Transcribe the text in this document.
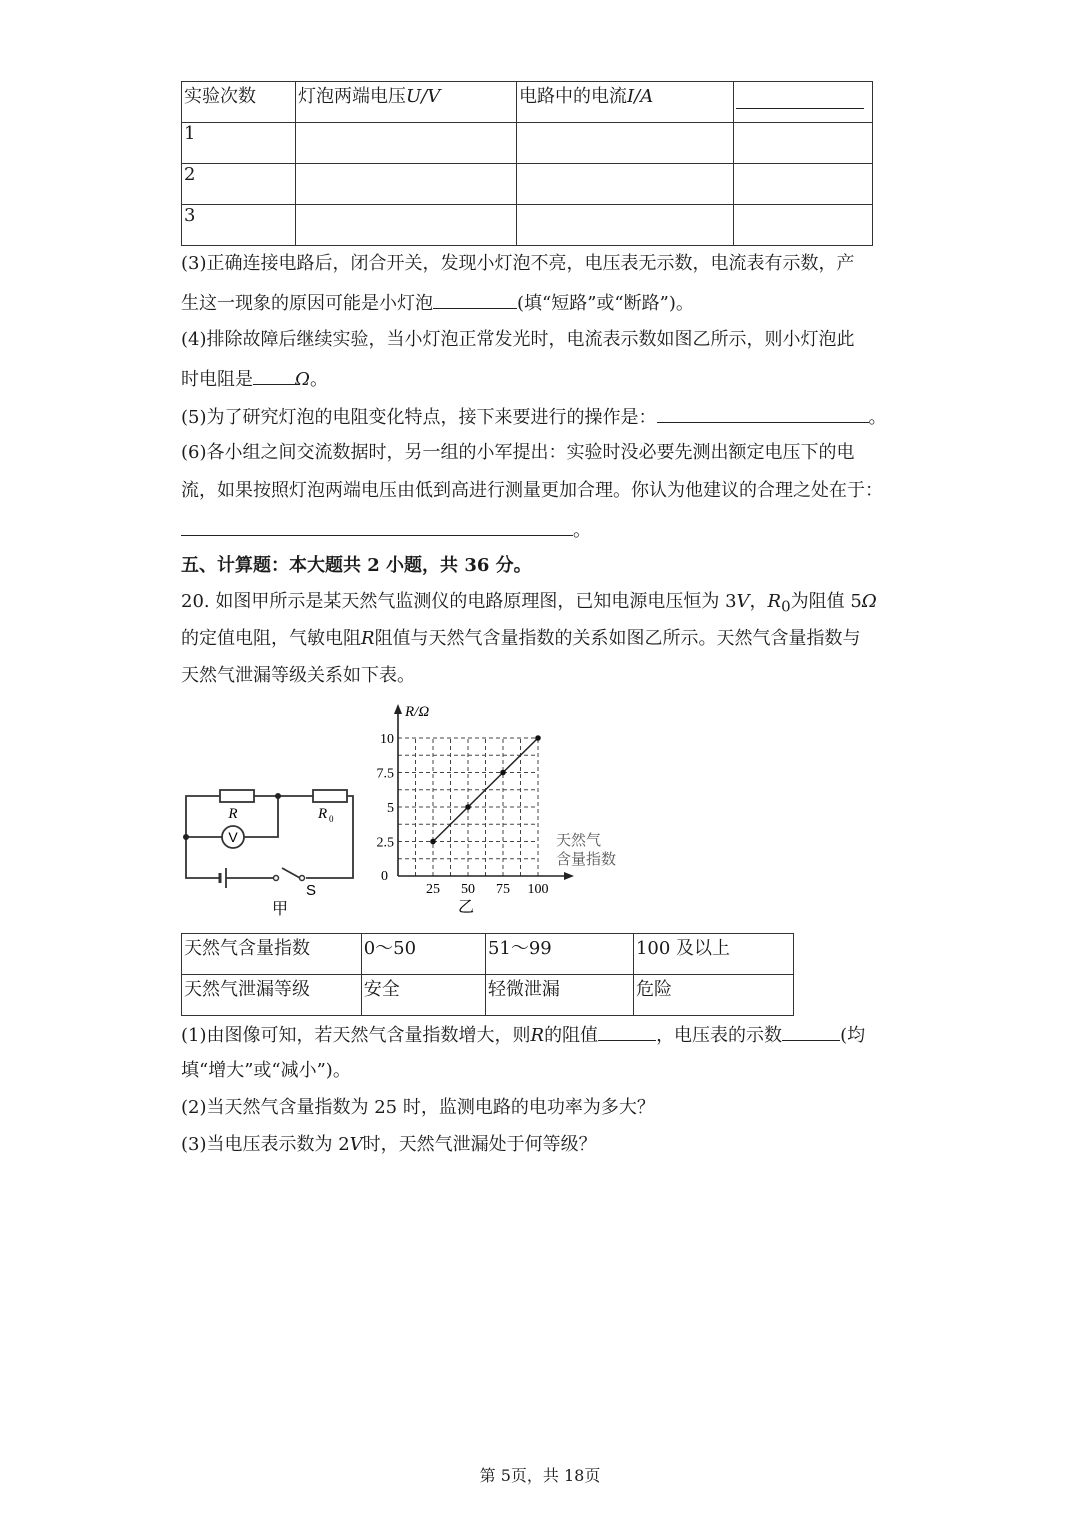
实验次数	灯泡两端电压U/V	电路中的电流I/A	
1			
2			
3			
(3)正确连接电路后，闭合开关，发现小灯泡不亮，电压表无示数，电流表有示数，产
生这一现象的原因可能是小灯泡	(填“短路”或“断路”)。
(4)排除故障后继续实验，当小灯泡正常发光时，电流表示数如图乙所示，则小灯泡此
时电阻是 Ω。
(5)为了研究灯泡的电阻变化特点，接下来要进行的操作是：	。
(6)各小组之间交流数据时，另一组的小军提出：实验时没必要先测出额定电压下的电
流，如果按照灯泡两端电压由低到高进行测量更加合理。你认为他建议的合理之处在于：
。
五、计算题：本大题共 2 小题，共 36 分。
20. 如图甲所示是某天然气监测仪的电路原理图，已知电源电压恒为 3V，$R_0$为阻值 5Ω
的定值电阻，气敏电阻R阻值与天然气含量指数的关系如图乙所示。天然气含量指数与
天然气泄漏等级关系如下表。
R	R 0
V
S
甲
25 50 75 100
2.5
5
7.5
10
R/Ω
天然气
含量指数
0
乙
天然气含量指数	0～50	51～99	100 及以上
天然气泄漏等级	安全	轻微泄漏	危险
(1)由图像可知，若天然气含量指数增大，则R的阻值	，电压表的示数	(均
填“增大”或“减小”)。
(2)当天然气含量指数为 25 时，监测电路的电功率为多大？
(3)当电压表示数为 2V时，天然气泄漏处于何等级？
第 5页，共 18页
